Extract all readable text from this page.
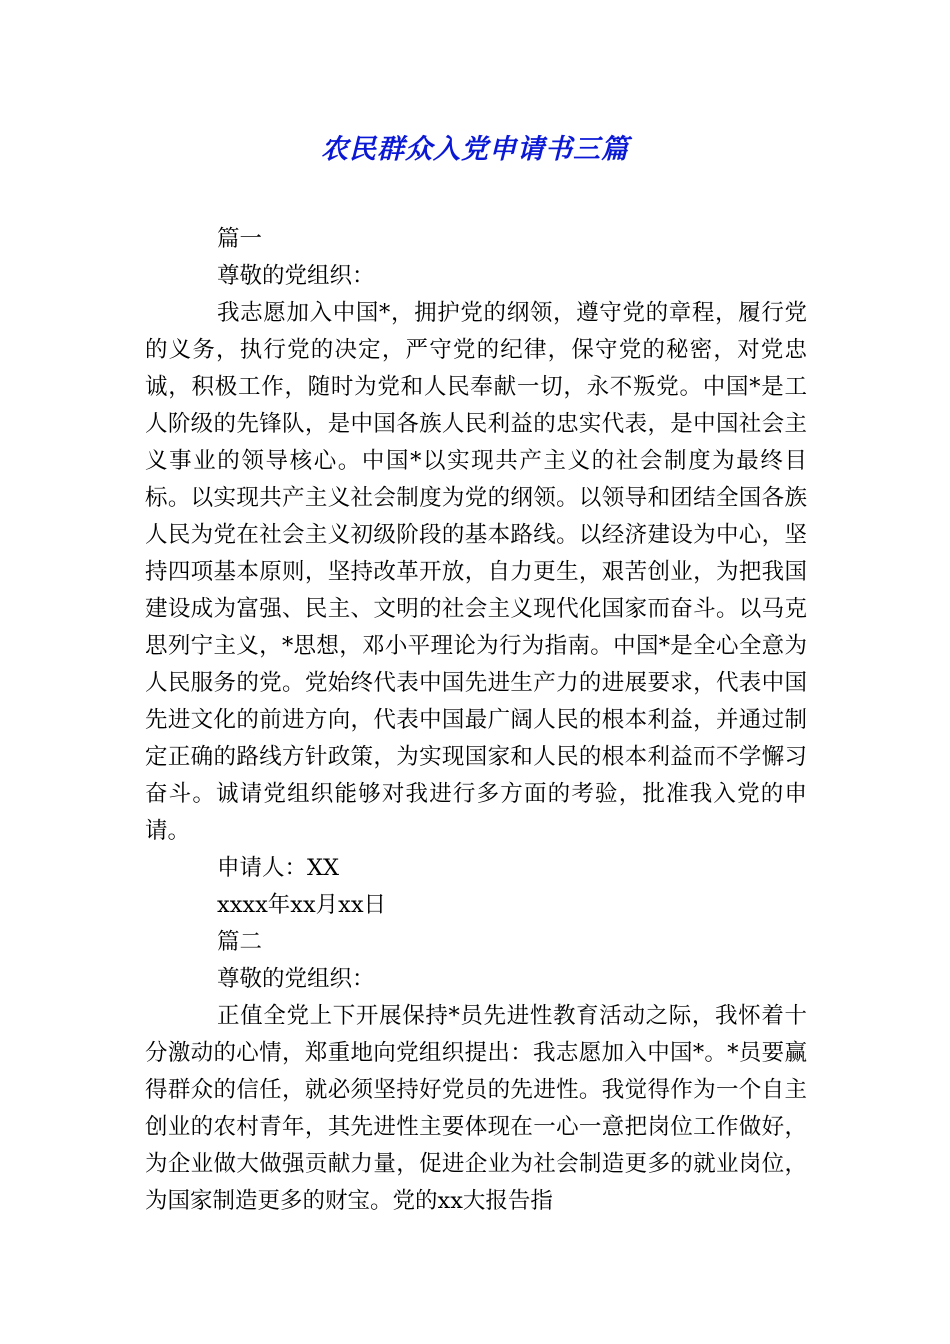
农民群众入党申请书三篇

篇一

尊敬的党组织：

我志愿加入中国*，拥护党的纲领，遵守党的章程，履行党的义务，执行党的决定，严守党的纪律，保守党的秘密，对党忠诚，积极工作，随时为党和人民奉献一切，永不叛党。中国*是工人阶级的先锋队，是中国各族人民利益的忠实代表，是中国社会主义事业的领导核心。中国*以实现共产主义的社会制度为最终目标。以实现共产主义社会制度为党的纲领。以领导和团结全国各族人民为党在社会主义初级阶段的基本路线。以经济建设为中心，坚持四项基本原则，坚持改革开放，自力更生，艰苦创业，为把我国建设成为富强、民主、文明的社会主义现代化国家而奋斗。以马克思列宁主义，*思想，邓小平理论为行为指南。中国*是全心全意为人民服务的党。党始终代表中国先进生产力的进展要求，代表中国先进文化的前进方向，代表中国最广阔人民的根本利益，并通过制定正确的路线方针政策，为实现国家和人民的根本利益而不学懈习奋斗。诚请党组织能够对我进行多方面的考验，批准我入党的申请。

申请人：XX

xxxx年xx月xx日

篇二

尊敬的党组织：

正值全党上下开展保持*员先进性教育活动之际，我怀着十分激动的心情，郑重地向党组织提出：我志愿加入中国*。*员要赢得群众的信任，就必须坚持好党员的先进性。我觉得作为一个自主创业的农村青年，其先进性主要体现在一心一意把岗位工作做好，为企业做大做强贡献力量，促进企业为社会制造更多的就业岗位，为国家制造更多的财宝。党的xx大报告指
